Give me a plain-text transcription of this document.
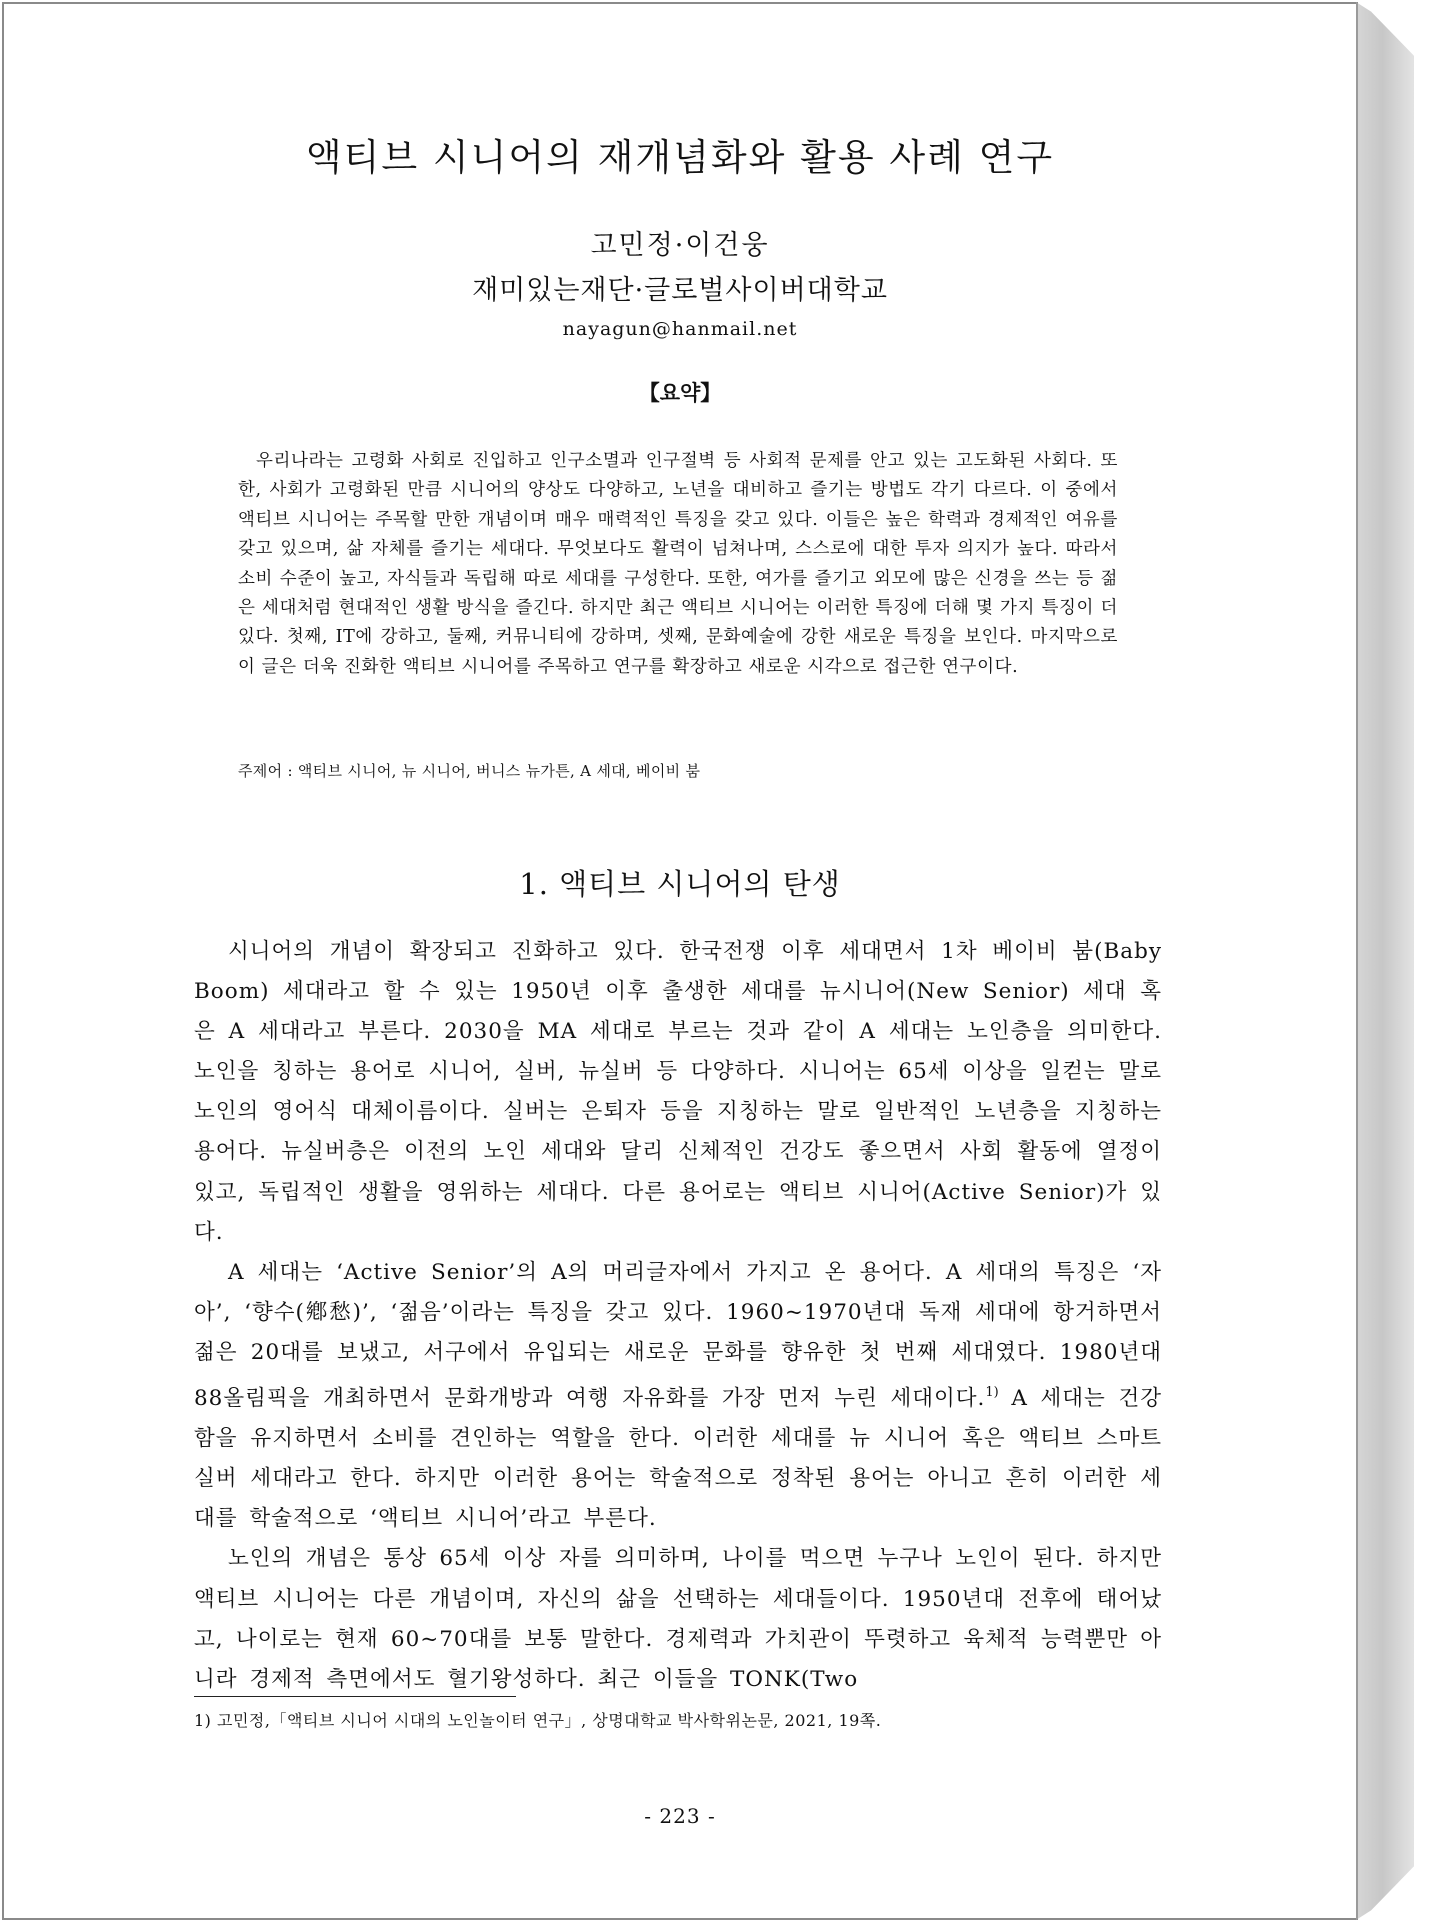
액티브 시니어의 재개념화와 활용 사례 연구
고민정·이건웅
재미있는재단·글로벌사이버대학교
nayagun@hanmail.net
【요약】

우리나라는 고령화 사회로 진입하고 인구소멸과 인구절벽 등 사회적 문제를 안고 있는 고도화된 사회다. 또한, 사회가 고령화된 만큼 시니어의 양상도 다양하고, 노년을 대비하고 즐기는 방법도 각기 다르다. 이 중에서 액티브 시니어는 주목할 만한 개념이며 매우 매력적인 특징을 갖고 있다. 이들은 높은 학력과 경제적인 여유를 갖고 있으며, 삶 자체를 즐기는 세대다. 무엇보다도 활력이 넘쳐나며, 스스로에 대한 투자 의지가 높다. 따라서 소비 수준이 높고, 자식들과 독립해 따로 세대를 구성한다. 또한, 여가를 즐기고 외모에 많은 신경을 쓰는 등 젊은 세대처럼 현대적인 생활 방식을 즐긴다. 하지만 최근 액티브 시니어는 이러한 특징에 더해 몇 가지 특징이 더 있다. 첫째, IT에 강하고, 둘째, 커뮤니티에 강하며, 셋째, 문화예술에 강한 새로운 특징을 보인다. 마지막으로 이 글은 더욱 진화한 액티브 시니어를 주목하고 연구를 확장하고 새로운 시각으로 접근한 연구이다.

주제어 : 액티브 시니어, 뉴 시니어, 버니스 뉴가튼, A 세대, 베이비 붐
1. 액티브 시니어의 탄생

시니어의 개념이 확장되고 진화하고 있다. 한국전쟁 이후 세대면서 1차 베이비 붐(Baby Boom) 세대라고 할 수 있는 1950년 이후 출생한 세대를 뉴시니어(New Senior) 세대 혹은 A 세대라고 부른다. 2030을 MA 세대로 부르는 것과 같이 A 세대는 노인층을 의미한다. 노인을 칭하는 용어로 시니어, 실버, 뉴실버 등 다양하다. 시니어는 65세 이상을 일컫는 말로 노인의 영어식 대체이름이다. 실버는 은퇴자 등을 지칭하는 말로 일반적인 노년층을 지칭하는 용어다. 뉴실버층은 이전의 노인 세대와 달리 신체적인 건강도 좋으면서 사회 활동에 열정이 있고, 독립적인 생활을 영위하는 세대다. 다른 용어로는 액티브 시니어(Active Senior)가 있다.

A 세대는 ‘Active Senior’의 A의 머리글자에서 가지고 온 용어다. A 세대의 특징은 ‘자아’, ‘향수(鄕愁)’, ‘젊음’이라는 특징을 갖고 있다. 1960~1970년대 독재 세대에 항거하면서 젊은 20대를 보냈고, 서구에서 유입되는 새로운 문화를 향유한 첫 번째 세대였다. 1980년대 88올림픽을 개최하면서 문화개방과 여행 자유화를 가장 먼저 누린 세대이다.$^{1)}$ A 세대는 건강함을 유지하면서 소비를 견인하는 역할을 한다. 이러한 세대를 뉴 시니어 혹은 액티브 스마트 실버 세대라고 한다. 하지만 이러한 용어는 학술적으로 정착된 용어는 아니고 흔히 이러한 세대를 학술적으로 ‘액티브 시니어’라고 부른다.

노인의 개념은 통상 65세 이상 자를 의미하며, 나이를 먹으면 누구나 노인이 된다. 하지만 액티브 시니어는 다른 개념이며, 자신의 삶을 선택하는 세대들이다. 1950년대 전후에 태어났고, 나이로는 현재 60~70대를 보통 말한다. 경제력과 가치관이 뚜렷하고 육체적 능력뿐만 아니라 경제적 측면에서도 혈기왕성하다. 최근 이들을 TONK(Two

1) 고민정,「액티브 시니어 시대의 노인놀이터 연구」, 상명대학교 박사학위논문, 2021, 19쪽.
- 223 -
